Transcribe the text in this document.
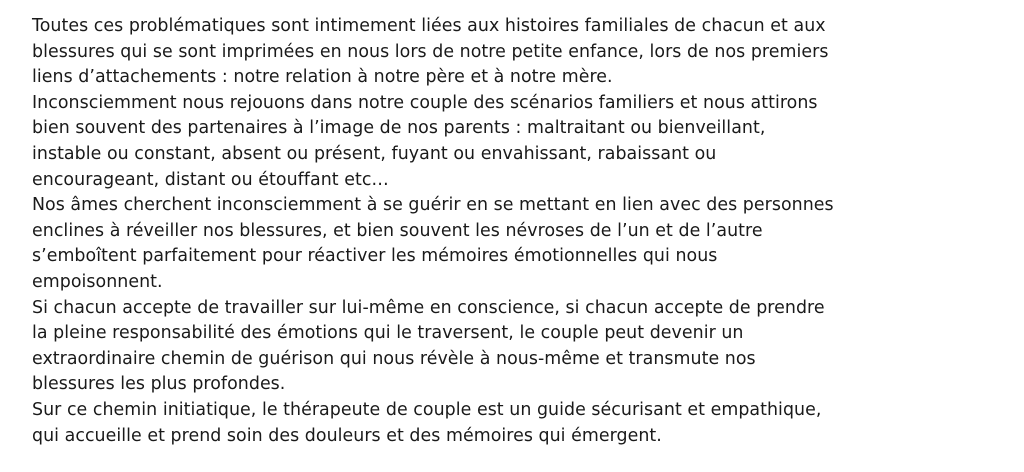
Toutes ces problématiques sont intimement liées aux histoires familiales de chacun et aux
blessures qui se sont imprimées en nous lors de notre petite enfance, lors de nos premiers
liens d’attachements : notre relation à notre père et à notre mère.
Inconsciemment nous rejouons dans notre couple des scénarios familiers et nous attirons
bien souvent des partenaires à l’image de nos parents : maltraitant ou bienveillant,
instable ou constant, absent ou présent, fuyant ou envahissant, rabaissant ou
encourageant, distant ou étouffant etc…
Nos âmes cherchent inconsciemment à se guérir en se mettant en lien avec des personnes
enclines à réveiller nos blessures, et bien souvent les névroses de l’un et de l’autre
s’emboîtent parfaitement pour réactiver les mémoires émotionnelles qui nous
empoisonnent.
Si chacun accepte de travailler sur lui-même en conscience, si chacun accepte de prendre
la pleine responsabilité des émotions qui le traversent, le couple peut devenir un
extraordinaire chemin de guérison qui nous révèle à nous-même et transmute nos
blessures les plus profondes.
Sur ce chemin initiatique, le thérapeute de couple est un guide sécurisant et empathique,
qui accueille et prend soin des douleurs et des mémoires qui émergent.
